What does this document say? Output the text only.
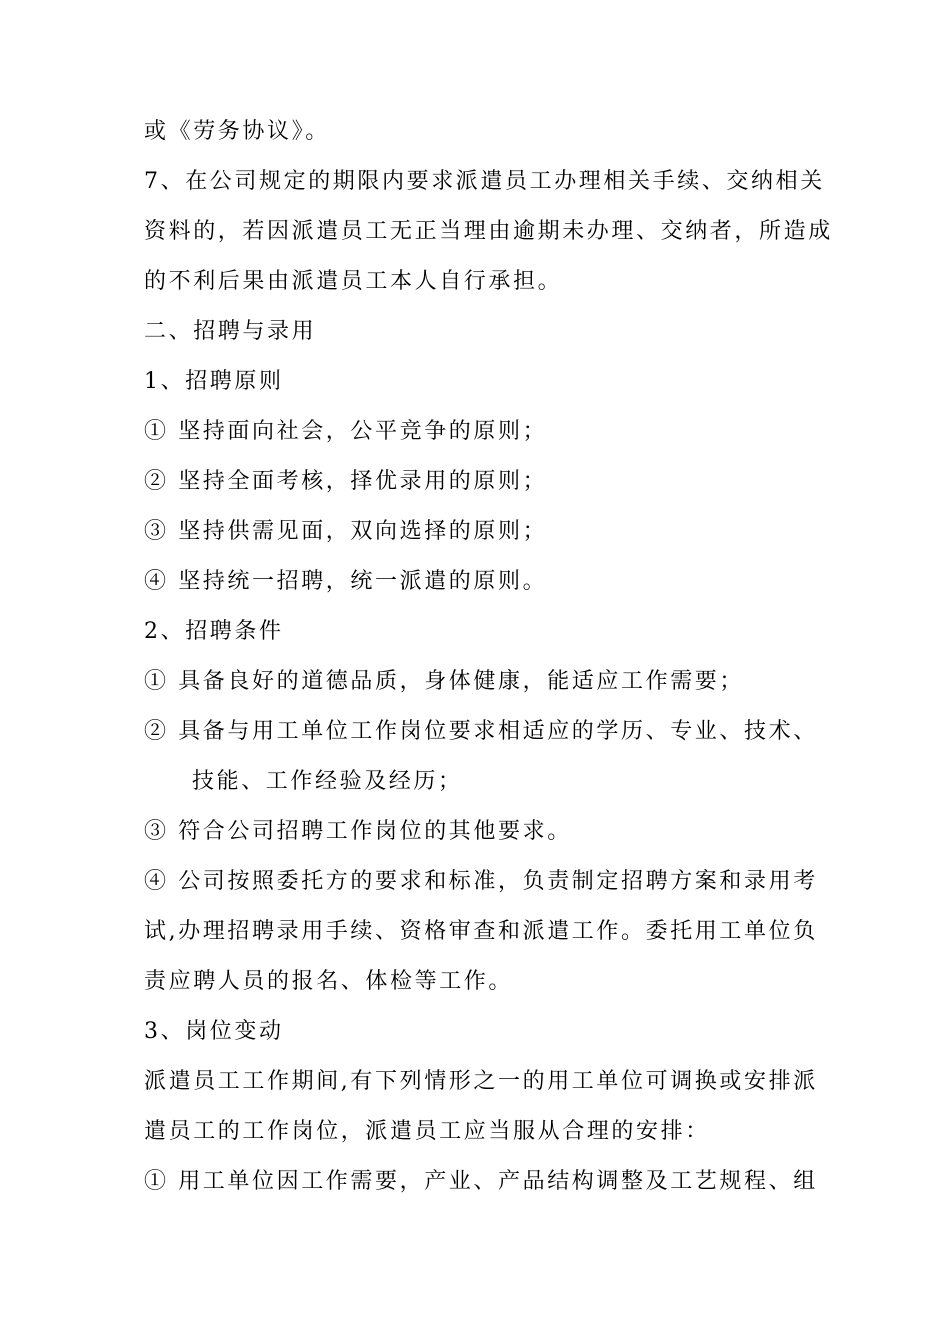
或《劳务协议》。
7、在公司规定的期限内要求派遣员工办理相关手续、交纳相关
资料的，若因派遣员工无正当理由逾期未办理、交纳者，所造成
的不利后果由派遣员工本人自行承担。
二、招聘与录用
1、招聘原则
① 坚持面向社会，公平竞争的原则；
② 坚持全面考核，择优录用的原则；
③ 坚持供需见面，双向选择的原则；
④ 坚持统一招聘，统一派遣的原则。
2、招聘条件
① 具备良好的道德品质，身体健康，能适应工作需要；
② 具备与用工单位工作岗位要求相适应的学历、专业、技术、
技能、工作经验及经历；
③ 符合公司招聘工作岗位的其他要求。
④ 公司按照委托方的要求和标准，负责制定招聘方案和录用考
试,办理招聘录用手续、资格审查和派遣工作。委托用工单位负
责应聘人员的报名、体检等工作。
3、岗位变动
派遣员工工作期间,有下列情形之一的用工单位可调换或安排派
遣员工的工作岗位，派遣员工应当服从合理的安排：
① 用工单位因工作需要，产业、产品结构调整及工艺规程、组
